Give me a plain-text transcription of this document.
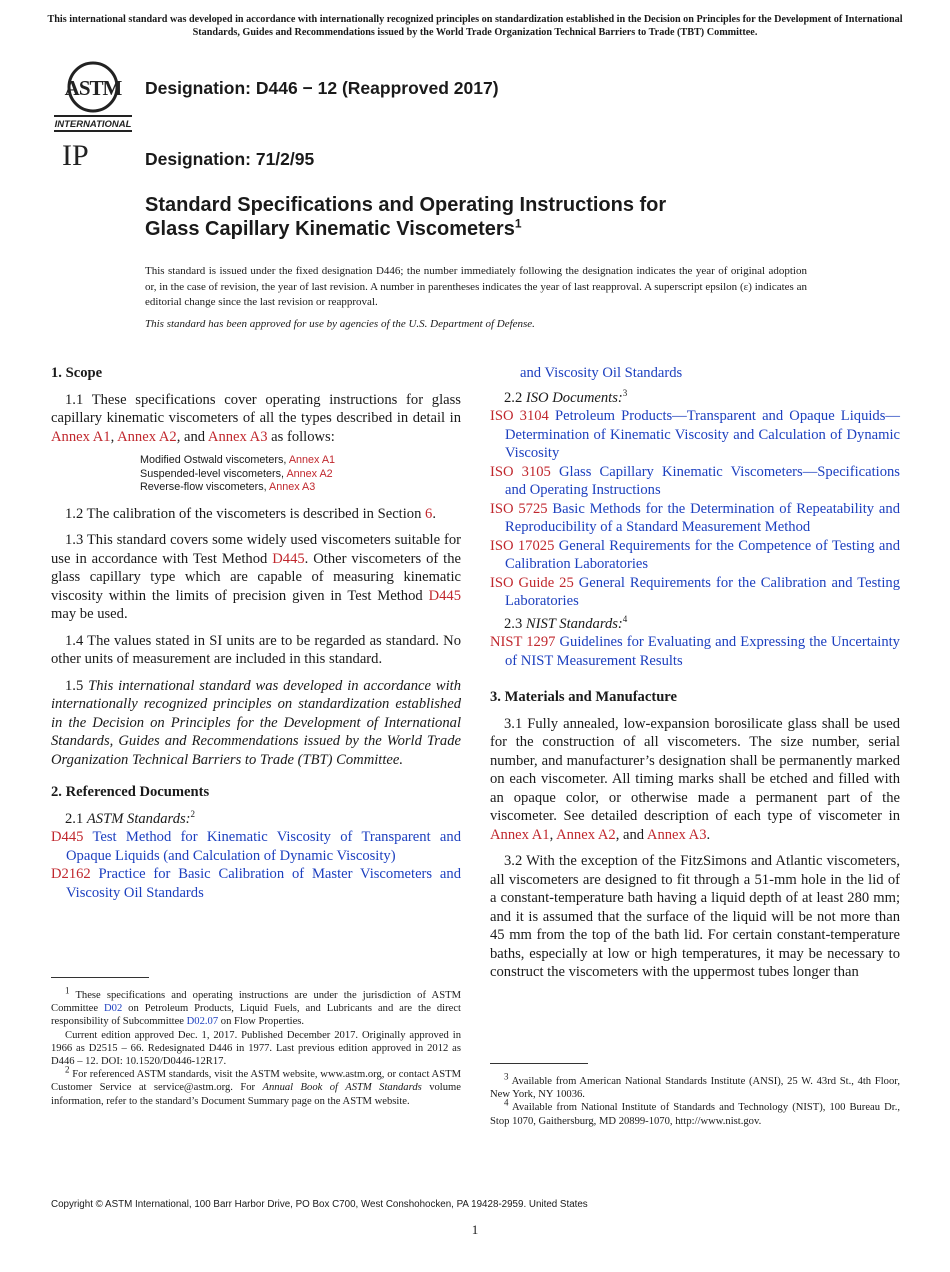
This international standard was developed in accordance with internationally recognized principles on standardization established in the Decision on Principles for the Development of International Standards, Guides and Recommendations issued by the World Trade Organization Technical Barriers to Trade (TBT) Committee.
ASTM
INTERNATIONAL
IP
Designation: D446 − 12 (Reapproved 2017)
Designation: 71/2/95
Standard Specifications and Operating Instructions for
Glass Capillary Kinematic Viscometers$^1$
This standard is issued under the fixed designation D446; the number immediately following the designation indicates the year of original adoption or, in the case of revision, the year of last revision. A number in parentheses indicates the year of last reapproval. A superscript epsilon (ε) indicates an editorial change since the last revision or reapproval.
This standard has been approved for use by agencies of the U.S. Department of Defense.
1. Scope

1.1 These specifications cover operating instructions for glass capillary kinematic viscometers of all the types described in detail in Annex A1, Annex A2, and Annex A3 as follows:

Modified Ostwald viscometers, Annex A1
Suspended-level viscometers, Annex A2
Reverse-flow viscometers, Annex A3

1.2 The calibration of the viscometers is described in Section 6.

1.3 This standard covers some widely used viscometers suitable for use in accordance with Test Method D445. Other viscometers of the glass capillary type which are capable of measuring kinematic viscosity within the limits of precision given in Test Method D445 may be used.

1.4 The values stated in SI units are to be regarded as standard. No other units of measurement are included in this standard.

1.5 This international standard was developed in accordance with internationally recognized principles on standardization established in the Decision on Principles for the Development of International Standards, Guides and Recommendations issued by the World Trade Organization Technical Barriers to Trade (TBT) Committee.

2. Referenced Documents
2.1 ASTM Standards:$^2$
D445 Test Method for Kinematic Viscosity of Transparent and Opaque Liquids (and Calculation of Dynamic Viscosity)
D2162 Practice for Basic Calibration of Master Viscometers and Viscosity Oil Standards

$^1$ These specifications and operating instructions are under the jurisdiction of ASTM Committee D02 on Petroleum Products, Liquid Fuels, and Lubricants and are the direct responsibility of Subcommittee D02.07 on Flow Properties.

Current edition approved Dec. 1, 2017. Published December 2017. Originally approved in 1966 as D2515 – 66. Redesignated D446 in 1977. Last previous edition approved in 2012 as D446 – 12. DOI: 10.1520/D0446-12R17.

$^2$ For referenced ASTM standards, visit the ASTM website, www.astm.org, or contact ASTM Customer Service at service@astm.org. For Annual Book of ASTM Standards volume information, refer to the standard’s Document Summary page on the ASTM website.

and Viscosity Oil Standards
2.2 ISO Documents:$^3$
ISO 3104 Petroleum Products—Transparent and Opaque Liquids—Determination of Kinematic Viscosity and Calculation of Dynamic Viscosity
ISO 3105 Glass Capillary Kinematic Viscometers—Specifications and Operating Instructions
ISO 5725 Basic Methods for the Determination of Repeatability and Reproducibility of a Standard Measurement Method
ISO 17025 General Requirements for the Competence of Testing and Calibration Laboratories
ISO Guide 25 General Requirements for the Calibration and Testing Laboratories
2.3 NIST Standards:$^4$
NIST 1297 Guidelines for Evaluating and Expressing the Uncertainty of NIST Measurement Results
3. Materials and Manufacture

3.1 Fully annealed, low-expansion borosilicate glass shall be used for the construction of all viscometers. The size number, serial number, and manufacturer’s designation shall be permanently marked on each viscometer. All timing marks shall be etched and filled with an opaque color, or otherwise made a permanent part of the viscometer. See detailed description of each type of viscometer in Annex A1, Annex A2, and Annex A3.

3.2 With the exception of the FitzSimons and Atlantic viscometers, all viscometers are designed to fit through a 51-mm hole in the lid of a constant-temperature bath having a liquid depth of at least 280 mm; and it is assumed that the surface of the liquid will be not more than 45 mm from the top of the bath lid. For certain constant-temperature baths, especially at low or high temperatures, it may be necessary to construct the viscometers with the uppermost tubes longer than

$^3$ Available from American National Standards Institute (ANSI), 25 W. 43rd St., 4th Floor, New York, NY 10036.

$^4$ Available from National Institute of Standards and Technology (NIST), 100 Bureau Dr., Stop 1070, Gaithersburg, MD 20899-1070, http://www.nist.gov.

Copyright © ASTM International, 100 Barr Harbor Drive, PO Box C700, West Conshohocken, PA 19428-2959. United States
1
